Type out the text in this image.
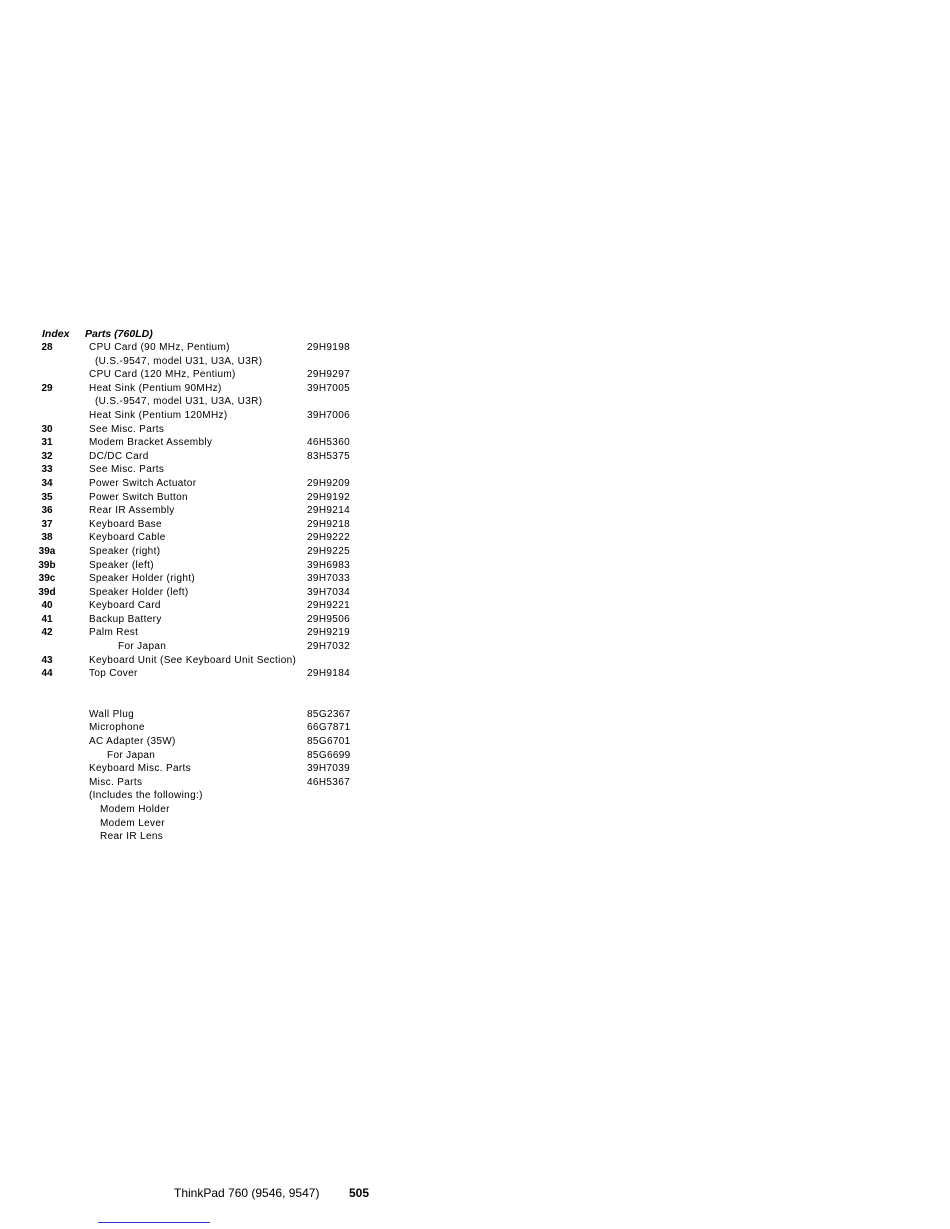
Index Parts (760LD)
28	CPU Card (90 MHz, Pentium)	29H9198
(U.S.-9547, model U31, U3A, U3R)
CPU Card (120 MHz, Pentium)	29H9297
29	Heat Sink (Pentium 90MHz)	39H7005
(U.S.-9547, model U31, U3A, U3R)
Heat Sink (Pentium 120MHz)	39H7006
30	See Misc. Parts
31	Modem Bracket Assembly	46H5360
32	DC/DC Card	83H5375
33	See Misc. Parts
34	Power Switch Actuator	29H9209
35	Power Switch Button	29H9192
36	Rear IR Assembly	29H9214
37	Keyboard Base	29H9218
38	Keyboard Cable	29H9222
39a	Speaker (right)	29H9225
39b	Speaker (left)	39H6983
39c	Speaker Holder (right)	39H7033
39d	Speaker Holder (left)	39H7034
40	Keyboard Card	29H9221
41	Backup Battery	29H9506
42	Palm Rest	29H9219
For Japan	29H7032
43	Keyboard Unit (See Keyboard Unit Section)
44	Top Cover	29H9184
Wall Plug	85G2367
Microphone	66G7871
AC Adapter (35W)	85G6701
For Japan	85G6699
Keyboard Misc. Parts	39H7039
Misc. Parts	46H5367
(Includes the following:)
Modem Holder
Modem Lever
Rear IR Lens
ThinkPad 760 (9546, 9547) 505
